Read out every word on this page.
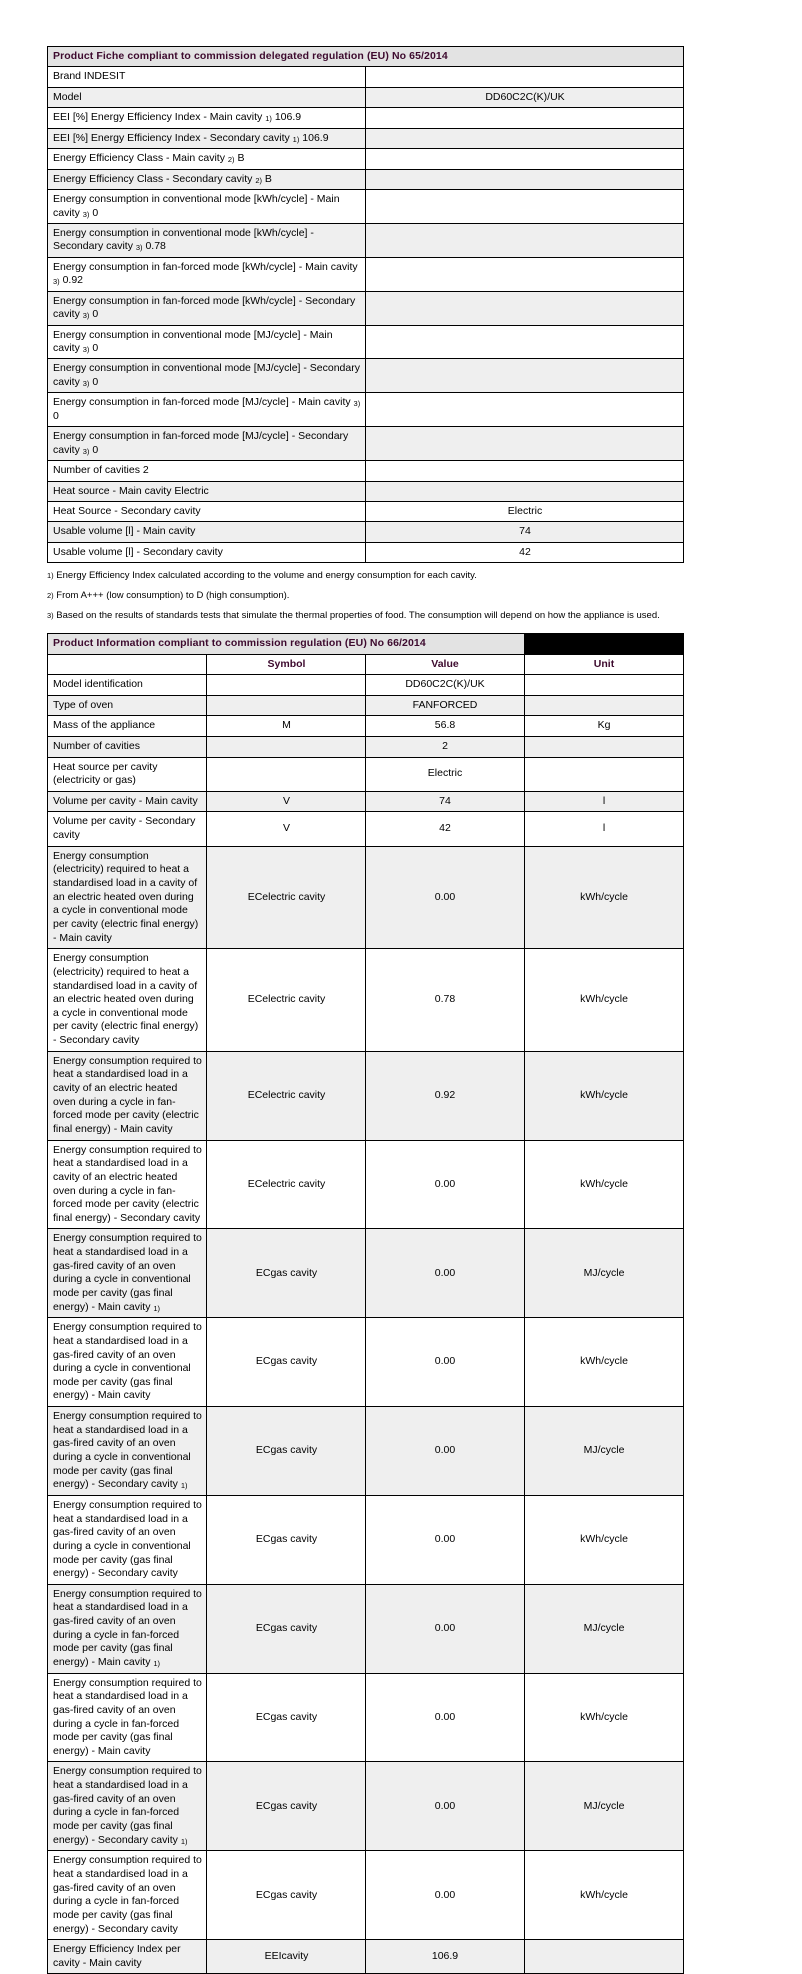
Product Fiche compliant to commission delegated regulation (EU) No 65/2014	
Brand INDESIT	
Model	DD60C2C(K)/UK
EEI [%] Energy Efficiency Index - Main cavity 1) 106.9	
EEI [%] Energy Efficiency Index - Secondary cavity 1) 106.9	
Energy Efficiency Class - Main cavity 2) B	
Energy Efficiency Class - Secondary cavity 2) B	
Energy consumption in conventional mode [kWh/cycle] - Main cavity 3) 0	
Energy consumption in conventional mode [kWh/cycle] - Secondary cavity 3) 0.78	
Energy consumption in fan-forced mode [kWh/cycle] - Main cavity 3) 0.92	
Energy consumption in fan-forced mode [kWh/cycle] - Secondary cavity 3) 0	
Energy consumption in conventional mode [MJ/cycle] - Main cavity 3) 0	
Energy consumption in conventional mode [MJ/cycle] - Secondary cavity 3) 0	
Energy consumption in fan-forced mode [MJ/cycle] - Main cavity 3) 0	
Energy consumption in fan-forced mode [MJ/cycle] - Secondary cavity 3) 0	
Number of cavities 2	
Heat source - Main cavity Electric	
Heat Source - Secondary cavity	Electric
Usable volume [l] - Main cavity	74
Usable volume [l] - Secondary cavity	42
1) Energy Efficiency Index calculated according to the volume and energy consumption for each cavity.
2) From A+++ (low consumption) to D (high consumption).
3) Based on the results of standards tests that simulate the thermal properties of food. The consumption will depend on how the appliance is used.
Product Information compliant to commission regulation (EU) No 66/2014			
	Symbol	Value	Unit
Model identification		DD60C2C(K)/UK	
Type of oven		FANFORCED	
Mass of the appliance	M	56.8	Kg
Number of cavities		2	
Heat source per cavity (electricity or gas)		Electric	
Volume per cavity - Main cavity	V	74	l
Volume per cavity - Secondary cavity	V	42	l
Energy consumption (electricity) required to heat a standardised load in a cavity of an electric heated oven during a cycle in conventional mode per cavity (electric final energy) - Main cavity	ECelectric cavity	0.00	kWh/cycle
Energy consumption (electricity) required to heat a standardised load in a cavity of an electric heated oven during a cycle in conventional mode per cavity (electric final energy) - Secondary cavity	ECelectric cavity	0.78	kWh/cycle
Energy consumption required to heat a standardised load in a cavity of an electric heated oven during a cycle in fan-forced mode per cavity (electric final energy) - Main cavity	ECelectric cavity	0.92	kWh/cycle
Energy consumption required to heat a standardised load in a cavity of an electric heated oven during a cycle in fan-forced mode per cavity (electric final energy) - Secondary cavity	ECelectric cavity	0.00	kWh/cycle
Energy consumption required to heat a standardised load in a gas-fired cavity of an oven during a cycle in conventional mode per cavity (gas final energy) - Main cavity 1)	ECgas cavity	0.00	MJ/cycle
Energy consumption required to heat a standardised load in a gas-fired cavity of an oven during a cycle in conventional mode per cavity (gas final energy) - Main cavity	ECgas cavity	0.00	kWh/cycle
Energy consumption required to heat a standardised load in a gas-fired cavity of an oven during a cycle in conventional mode per cavity (gas final energy) - Secondary cavity 1)	ECgas cavity	0.00	MJ/cycle
Energy consumption required to heat a standardised load in a gas-fired cavity of an oven during a cycle in conventional mode per cavity (gas final energy) - Secondary cavity	ECgas cavity	0.00	kWh/cycle
Energy consumption required to heat a standardised load in a gas-fired cavity of an oven during a cycle in fan-forced mode per cavity (gas final energy) - Main cavity 1)	ECgas cavity	0.00	MJ/cycle
Energy consumption required to heat a standardised load in a gas-fired cavity of an oven during a cycle in fan-forced mode per cavity (gas final energy) - Main cavity	ECgas cavity	0.00	kWh/cycle
Energy consumption required to heat a standardised load in a gas-fired cavity of an oven during a cycle in fan-forced mode per cavity (gas final energy) - Secondary cavity 1)	ECgas cavity	0.00	MJ/cycle
Energy consumption required to heat a standardised load in a gas-fired cavity of an oven during a cycle in fan-forced mode per cavity (gas final energy) - Secondary cavity	ECgas cavity	0.00	kWh/cycle
Energy Efficiency Index per cavity - Main cavity	EEIcavity	106.9	
